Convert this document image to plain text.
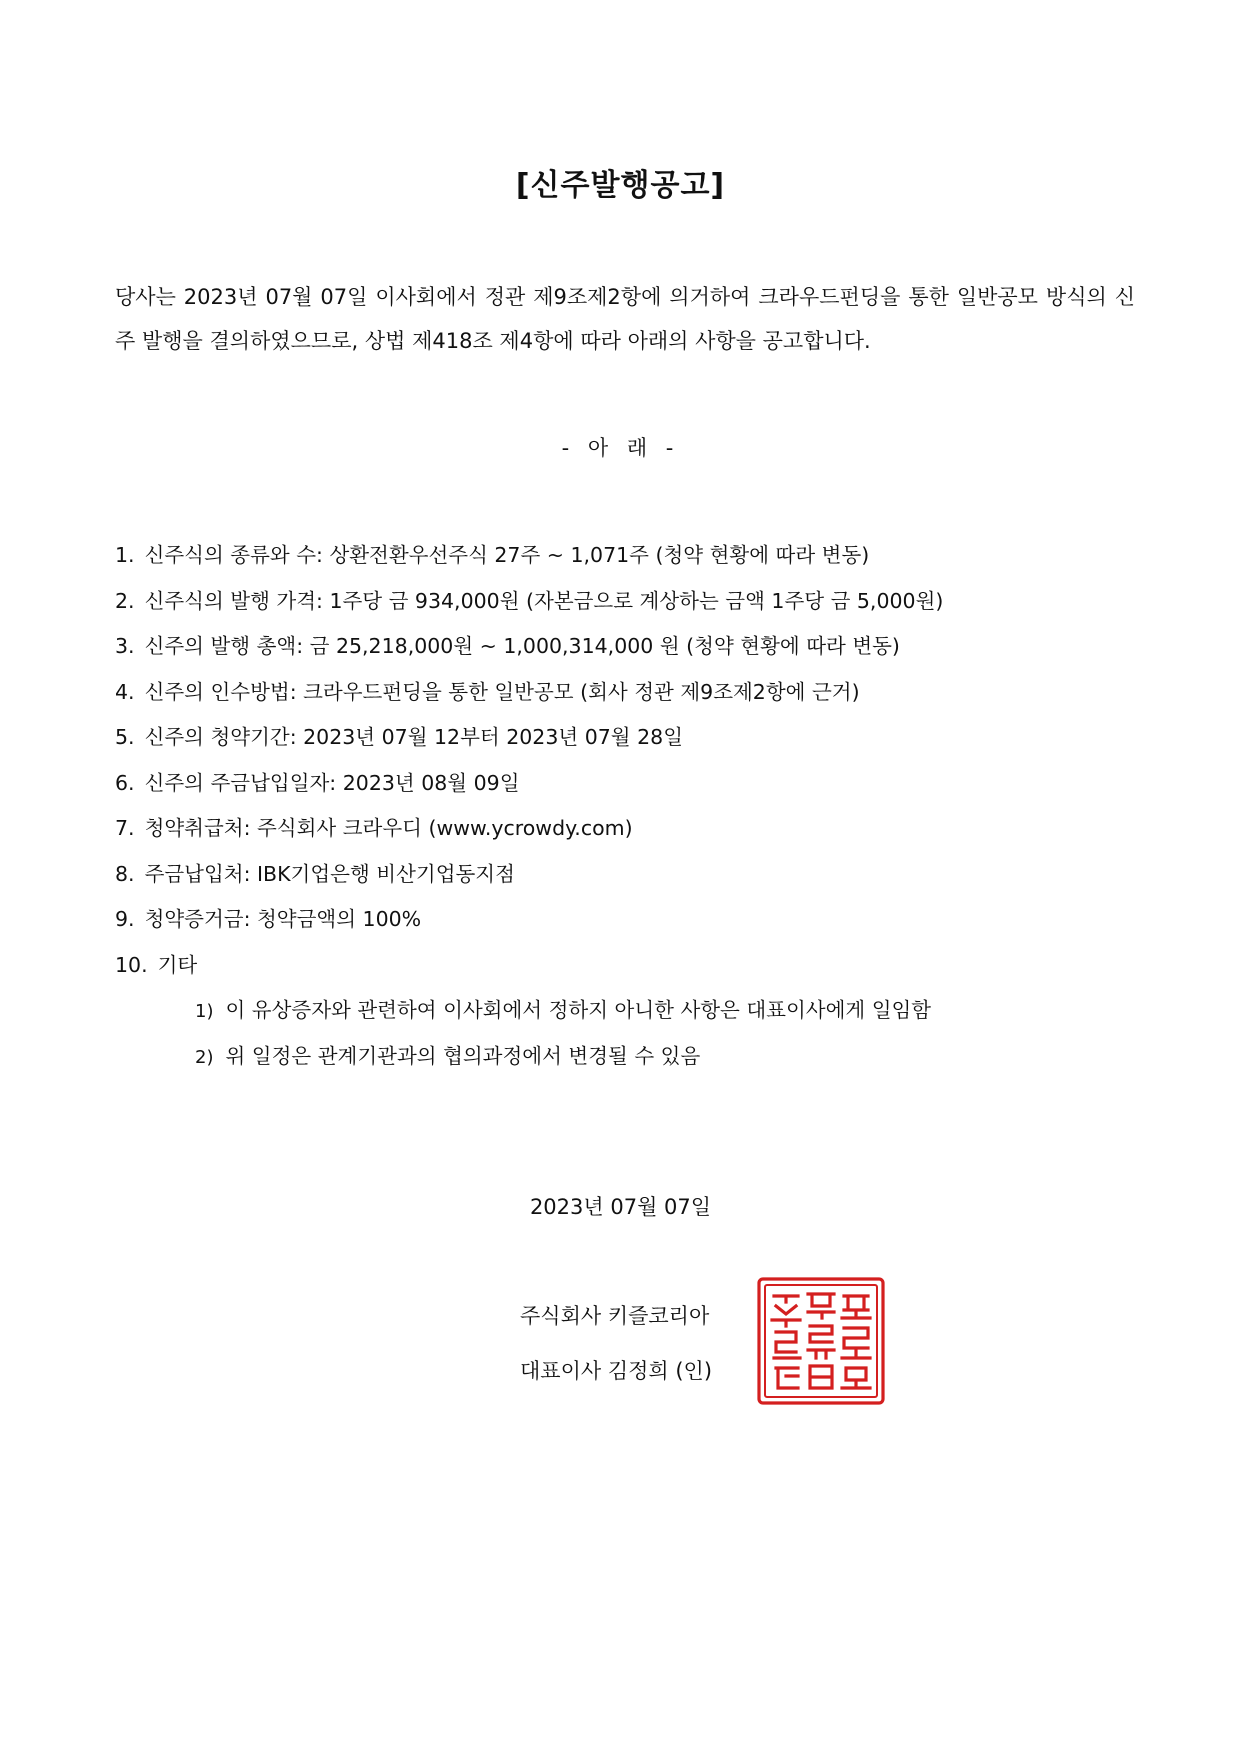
[신주발행공고]
당사는 2023년 07월 07일 이사회에서 정관 제9조제2항에 의거하여 크라우드펀딩을 통한 일반공모 방식의 신주 발행을 결의하였으므로, 상법 제418조 제4항에 따라 아래의 사항을 공고합니다.
- 아 래 -
1. 신주식의 종류와 수: 상환전환우선주식 27주 ~ 1,071주 (청약 현황에 따라 변동)
2. 신주식의 발행 가격: 1주당 금 934,000원 (자본금으로 계상하는 금액 1주당 금 5,000원)
3. 신주의 발행 총액: 금 25,218,000원 ~ 1,000,314,000 원 (청약 현황에 따라 변동)
4. 신주의 인수방법: 크라우드펀딩을 통한 일반공모 (회사 정관 제9조제2항에 근거)
5. 신주의 청약기간: 2023년 07월 12부터 2023년 07월 28일
6. 신주의 주금납입일자: 2023년 08월 09일
7. 청약취급처: 주식회사 크라우디 (www.ycrowdy.com)
8. 주금납입처: IBK기업은행 비산기업동지점
9. 청약증거금: 청약금액의 100%
10. 기타
1) 이 유상증자와 관련하여 이사회에서 정하지 아니한 사항은 대표이사에게 일임함
2) 위 일정은 관계기관과의 협의과정에서 변경될 수 있음
2023년 07월 07일
주식회사 키즐코리아
대표이사 김정희 (인)
